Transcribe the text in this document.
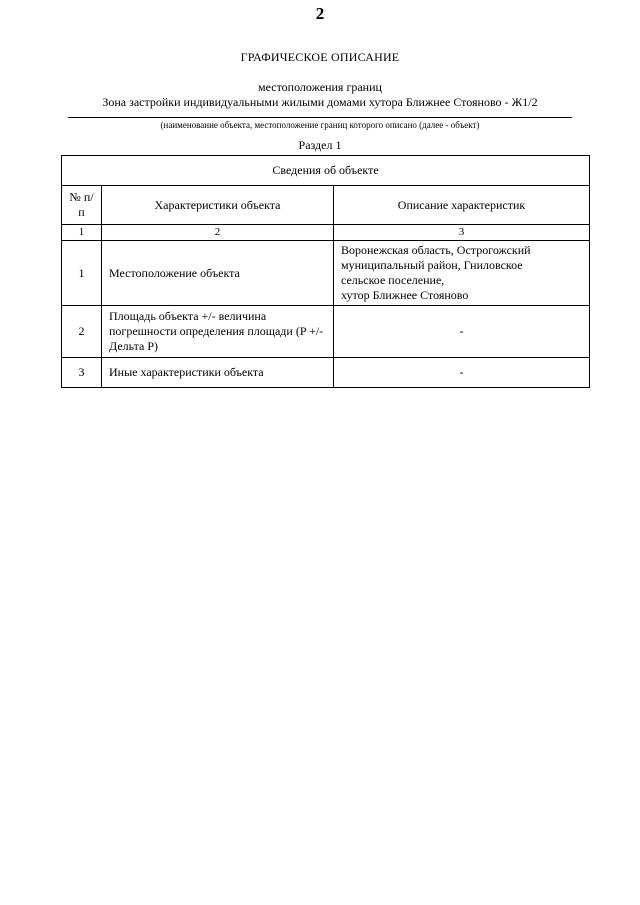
2
ГРАФИЧЕСКОЕ ОПИСАНИЕ
местоположения границ
Зона застройки индивидуальными жилыми домами хутора Ближнее Стояново - Ж1/2
(наименование объекта, местоположение границ которого описано (далее - объект)
Раздел 1
Сведения об объекте		
№ п/п	Характеристики объекта	Описание характеристик
1	2	3
1	Местоположение объекта	Воронежская область, Острогожский
муниципальный район, Гниловское
сельское поселение,
хутор Ближнее Стояново

2	Площадь объекта +/- величина погрешности определения площади (P +/- Дельта P)	-
3	Иные характеристики объекта	-
